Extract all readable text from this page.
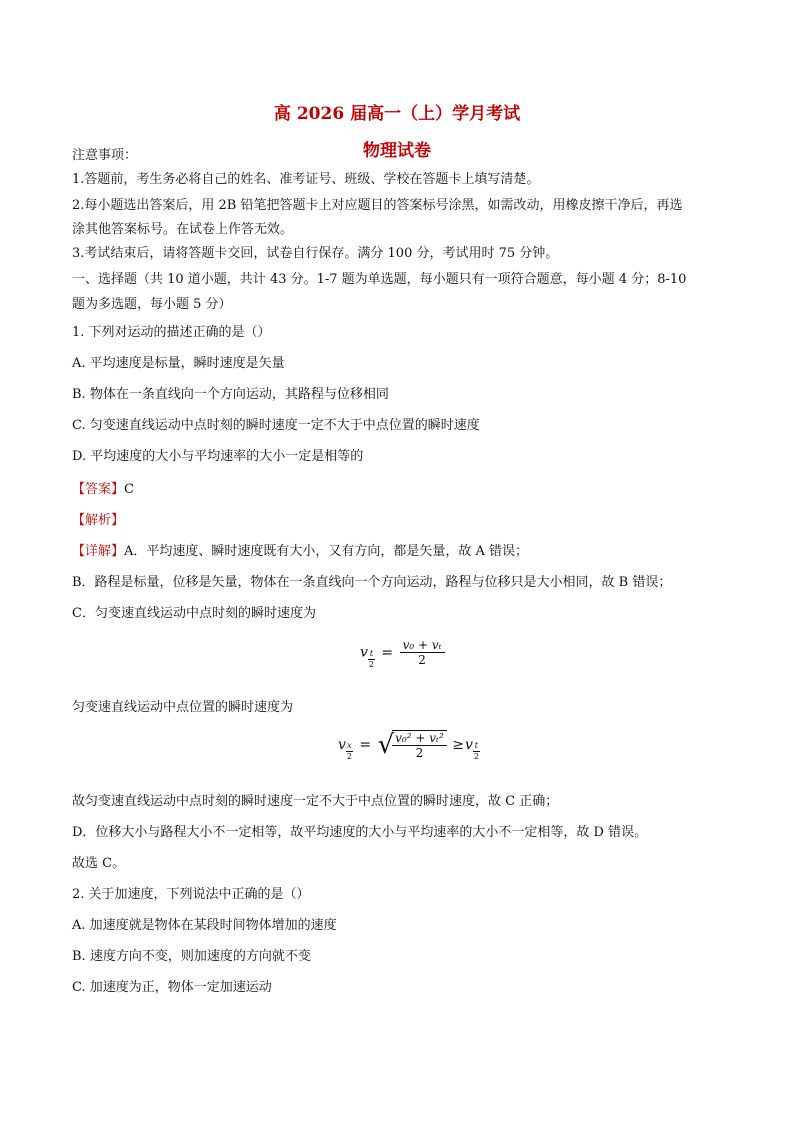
高 2026 届高一（上）学月考试
物理试卷
注意事项：
1.答题前，考生务必将自己的姓名、准考证号、班级、学校在答题卡上填写清楚。
2.每小题选出答案后，用 2B 铅笔把答题卡上对应题目的答案标号涂黑，如需改动，用橡皮擦干净后，再选
涂其他答案标号。在试卷上作答无效。
3.考试结束后，请将答题卡交回，试卷自行保存。满分 100 分，考试用时 75 分钟。
一、选择题（共 10 道小题，共计 43 分。1-7 题为单选题，每小题只有一项符合题意，每小题 4 分；8-10
题为多选题，每小题 5 分）
1. 下列对运动的描述正确的是（）
A. 平均速度是标量，瞬时速度是矢量
B. 物体在一条直线向一个方向运动，其路程与位移相同
C. 匀变速直线运动中点时刻的瞬时速度一定不大于中点位置的瞬时速度
D. 平均速度的大小与平均速率的大小一定是相等的
【答案】C
【解析】
【详解】A．平均速度、瞬时速度既有大小，又有方向，都是矢量，故 A 错误；
B．路程是标量，位移是矢量，物体在一条直线向一个方向运动，路程与位移只是大小相同，故 B 错误；
C．匀变速直线运动中点时刻的瞬时速度为
$v\frac{t}{2} = \frac{\text{v₀ + vₜ}}{2}$
匀变速直线运动中点位置的瞬时速度为
$v\frac{x}{2}$ = √
$\frac{\text{v₀² + vₜ²}}{2} \ge v\frac{t}{2}$
故匀变速直线运动中点时刻的瞬时速度一定不大于中点位置的瞬时速度，故 C 正确；
D．位移大小与路程大小不一定相等，故平均速度的大小与平均速率的大小不一定相等，故 D 错误。
故选 C。
2. 关于加速度，下列说法中正确的是（）
A. 加速度就是物体在某段时间物体增加的速度
B. 速度方向不变，则加速度的方向就不变
C. 加速度为正，物体一定加速运动
